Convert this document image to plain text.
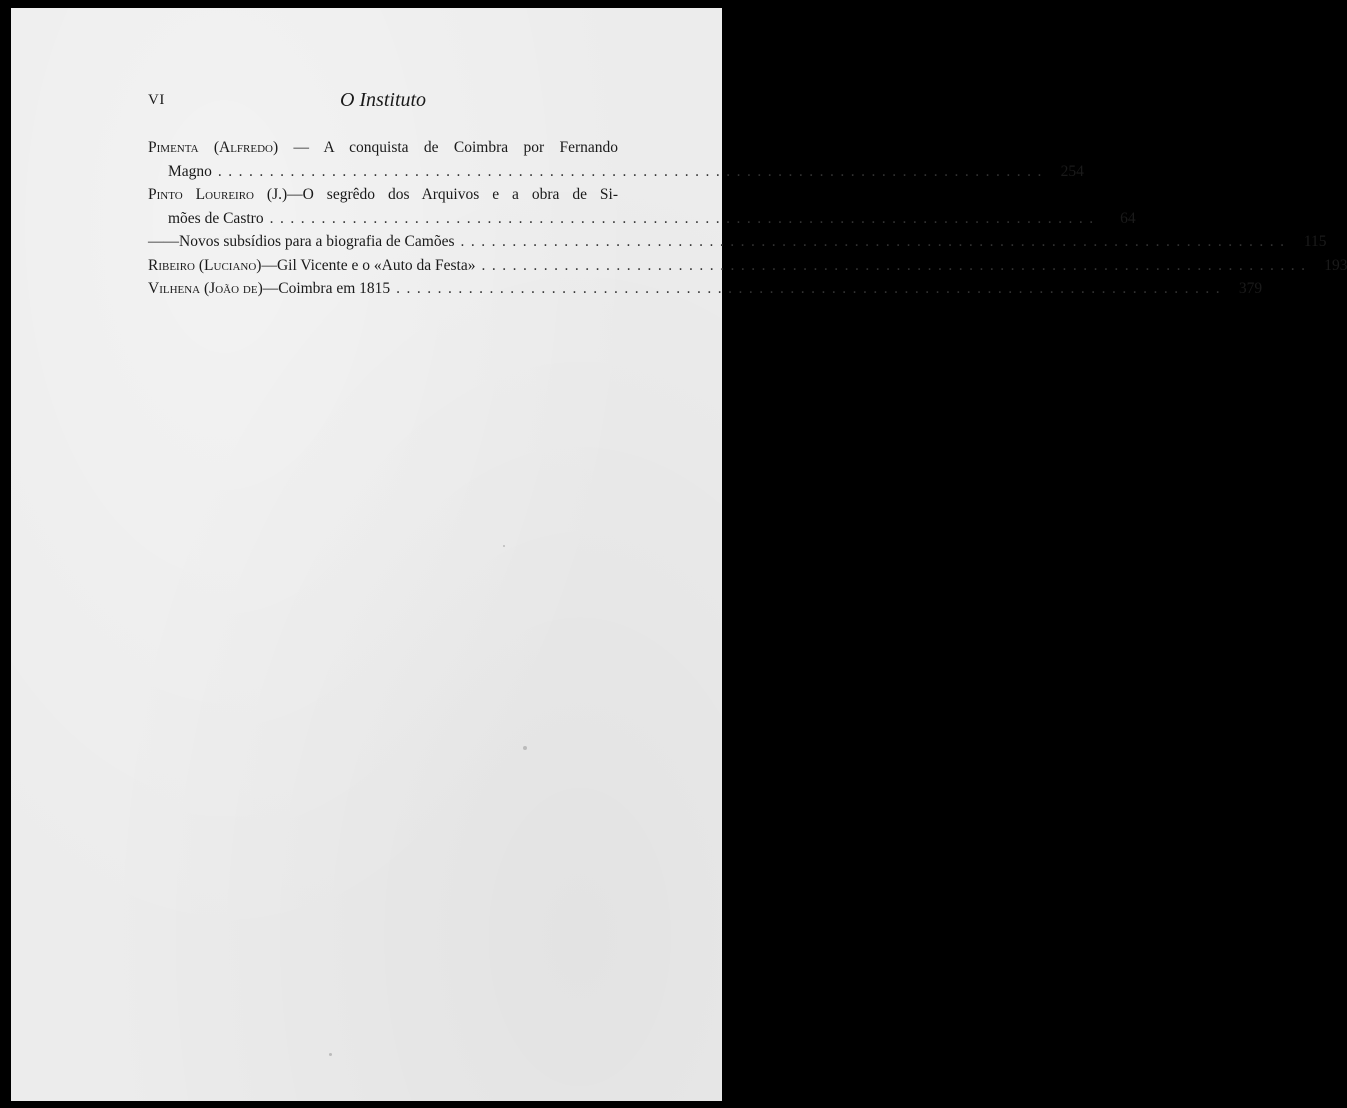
VI	O Instituto
Pimenta (Alfredo) — A conquista de Coimbra por Fernando
Magno ................................................................................ 254
Pinto Loureiro (J.)—O segrêdo dos Arquivos e a obra de Si-
mões de Castro ................................................................................	64
——Novos subsídios para a biografia de Camões ................................................................................ 115
Ribeiro (Luciano)—Gil Vicente e o «Auto da Festa» ................................................................................ 193
Vilhena (João de)—Coimbra em 1815 ................................................................................ 379
